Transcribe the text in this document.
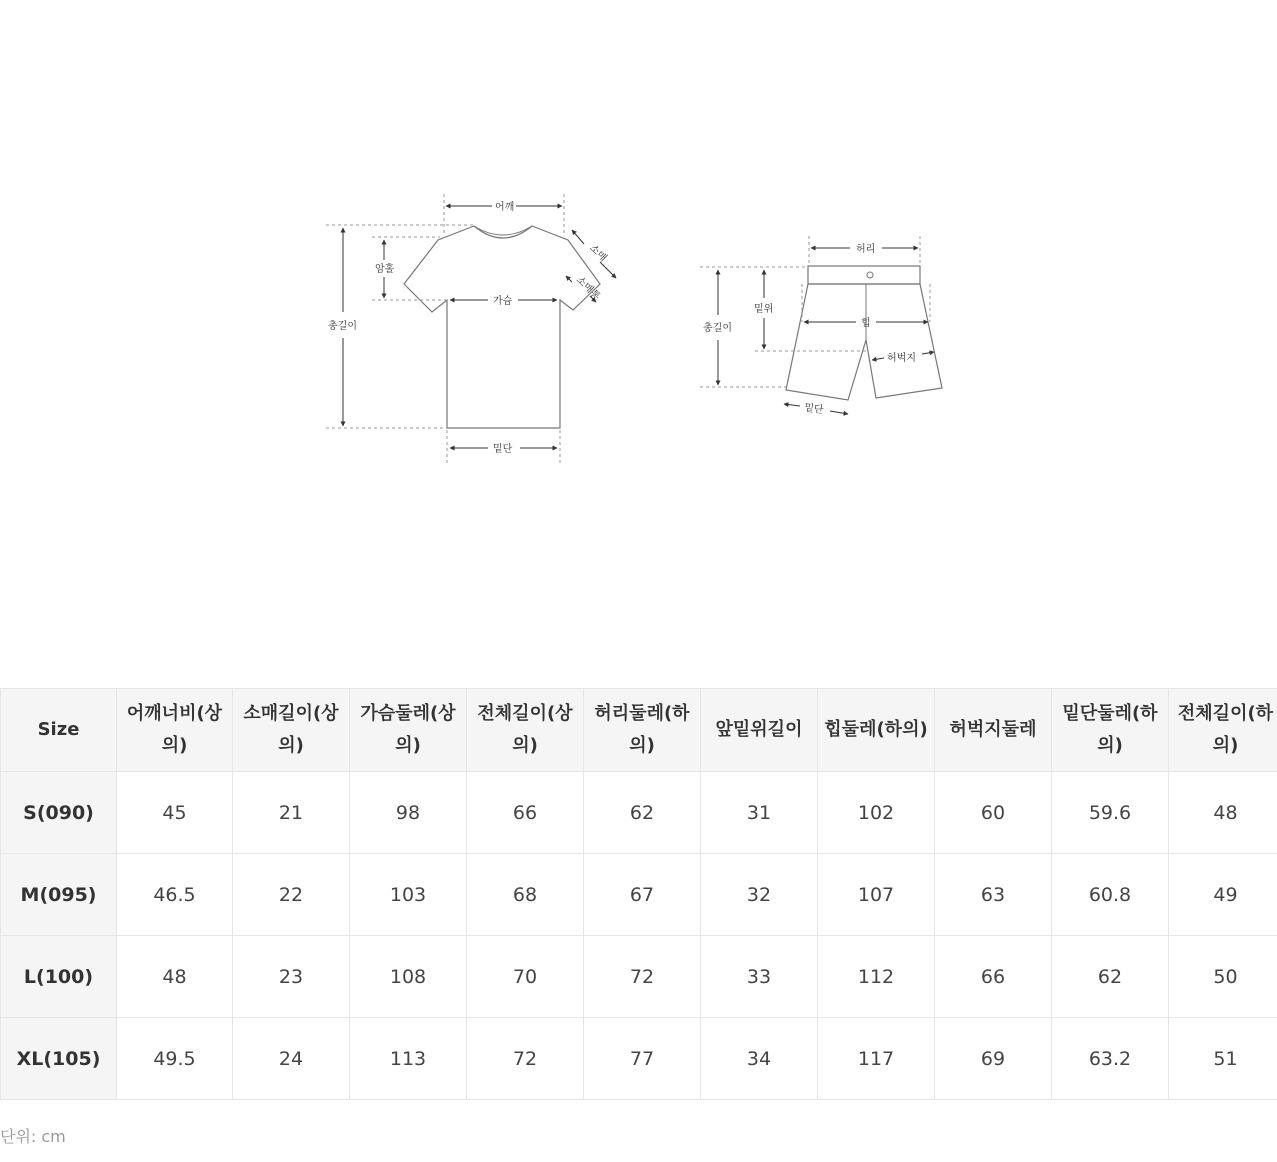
어깨
총길이
암홀
가슴
밑단
소매
소매통
허리
총길이
밑위
힙
허벅지
밑단
Size	어깨너비(상의)	소매길이(상의)	가슴둘레(상의)	전체길이(상의)	허리둘레(하의)	앞밑위길이	힙둘레(하의)	허벅지둘레	밑단둘레(하의)	전체길이(하의)
S(090)	45	21	98	66	62	31	102	60	59.6	48
M(095)	46.5	22	103	68	67	32	107	63	60.8	49
L(100)	48	23	108	70	72	33	112	66	62	50
XL(105)	49.5	24	113	72	77	34	117	69	63.2	51
단위: cm
